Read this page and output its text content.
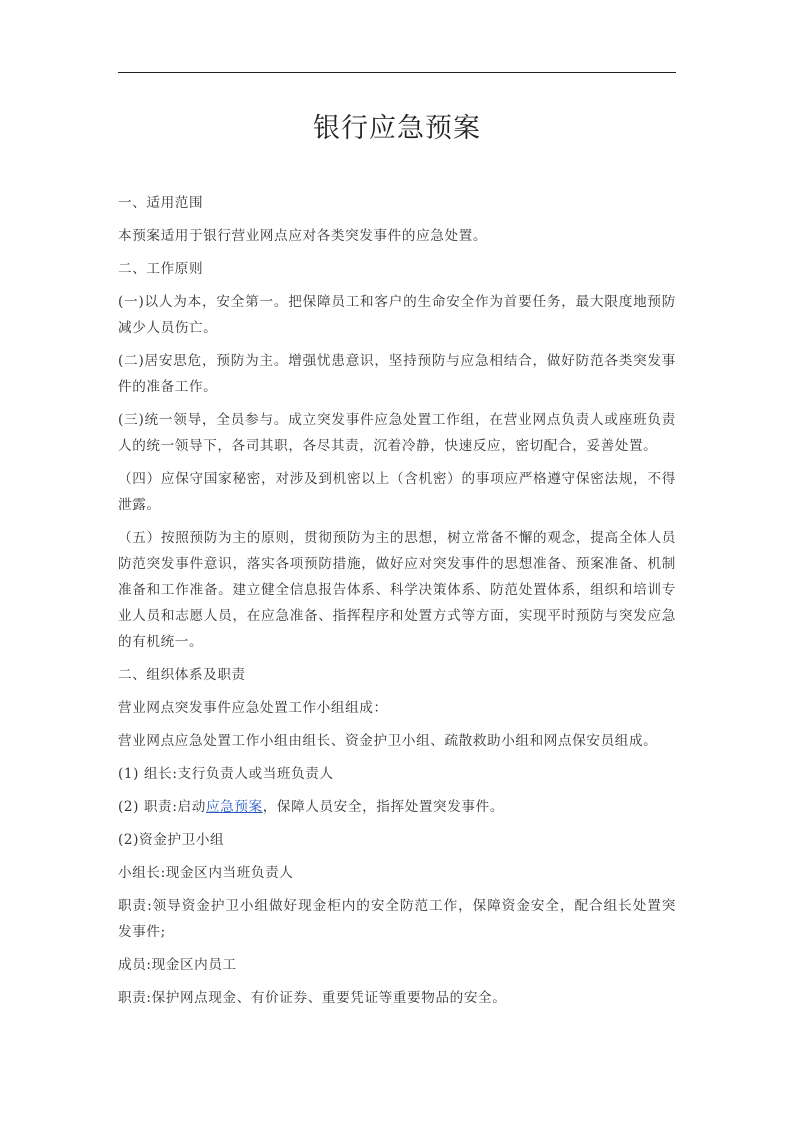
银行应急预案

一、适用范围

本预案适用于银行营业网点应对各类突发事件的应急处置。

二、工作原则

(一)以人为本，安全第一。把保障员工和客户的生命安全作为首要任务，最大限度地预防减少人员伤亡。

(二)居安思危，预防为主。增强忧患意识，坚持预防与应急相结合，做好防范各类突发事件的准备工作。

(三)统一领导，全员参与。成立突发事件应急处置工作组，在营业网点负责人或座班负责人的统一领导下，各司其职，各尽其责，沉着冷静，快速反应，密切配合，妥善处置。

（四）应保守国家秘密，对涉及到机密以上（含机密）的事项应严格遵守保密法规，不得泄露。

（五）按照预防为主的原则，贯彻预防为主的思想，树立常备不懈的观念，提高全体人员防范突发事件意识，落实各项预防措施，做好应对突发事件的思想准备、预案准备、机制准备和工作准备。建立健全信息报告体系、科学决策体系、防范处置体系，组织和培训专业人员和志愿人员，在应急准备、指挥程序和处置方式等方面，实现平时预防与突发应急的有机统一。

二、组织体系及职责

营业网点突发事件应急处置工作小组组成：

营业网点应急处置工作小组由组长、资金护卫小组、疏散救助小组和网点保安员组成。

(1) 组长:支行负责人或当班负责人

(2) 职责:启动应急预案，保障人员安全，指挥处置突发事件。

(2)资金护卫小组

小组长:现金区内当班负责人

职责:领导资金护卫小组做好现金柜内的安全防范工作，保障资金安全，配合组长处置突发事件;

成员:现金区内员工

职责:保护网点现金、有价证券、重要凭证等重要物品的安全。
